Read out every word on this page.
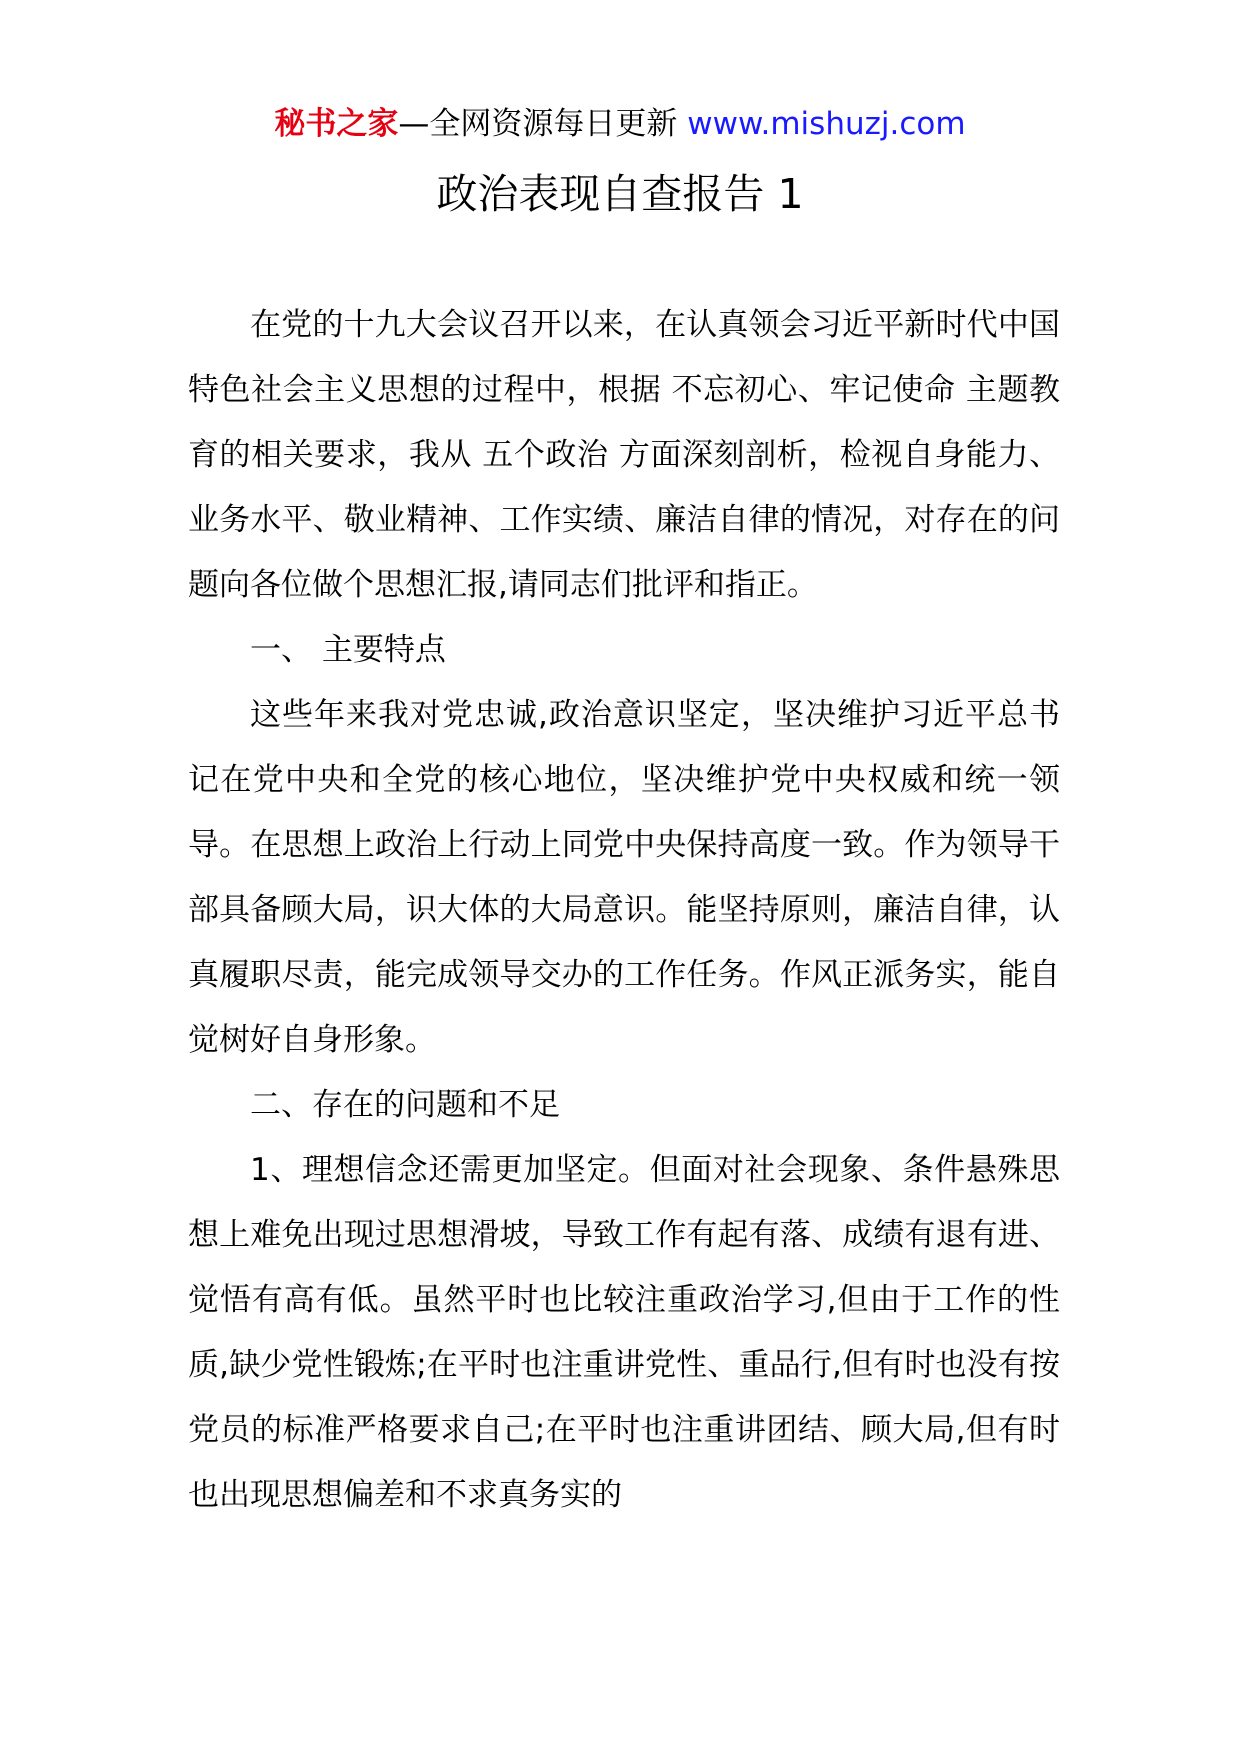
秘书之家—全网资源每日更新 www.mishuzj.com
政治表现自查报告 1

在党的十九大会议召开以来，在认真领会习近平新时代中国特色社会主义思想的过程中，根据 不忘初心、牢记使命 主题教育的相关要求，我从 五个政治 方面深刻剖析，检视自身能力、业务水平、敬业精神、工作实绩、廉洁自律的情况，对存在的问题向各位做个思想汇报,请同志们批评和指正。

一、 主要特点

这些年来我对党忠诚,政治意识坚定，坚决维护习近平总书记在党中央和全党的核心地位，坚决维护党中央权威和统一领导。在思想上政治上行动上同党中央保持高度一致。作为领导干部具备顾大局，识大体的大局意识。能坚持原则，廉洁自律，认真履职尽责，能完成领导交办的工作任务。作风正派务实，能自觉树好自身形象。

二、存在的问题和不足

1、理想信念还需更加坚定。但面对社会现象、条件悬殊思想上难免出现过思想滑坡，导致工作有起有落、成绩有退有进、觉悟有高有低。虽然平时也比较注重政治学习,但由于工作的性质,缺少党性锻炼;在平时也注重讲党性、重品行,但有时也没有按党员的标准严格要求自己;在平时也注重讲团结、顾大局,但有时也出现思想偏差和不求真务实的
